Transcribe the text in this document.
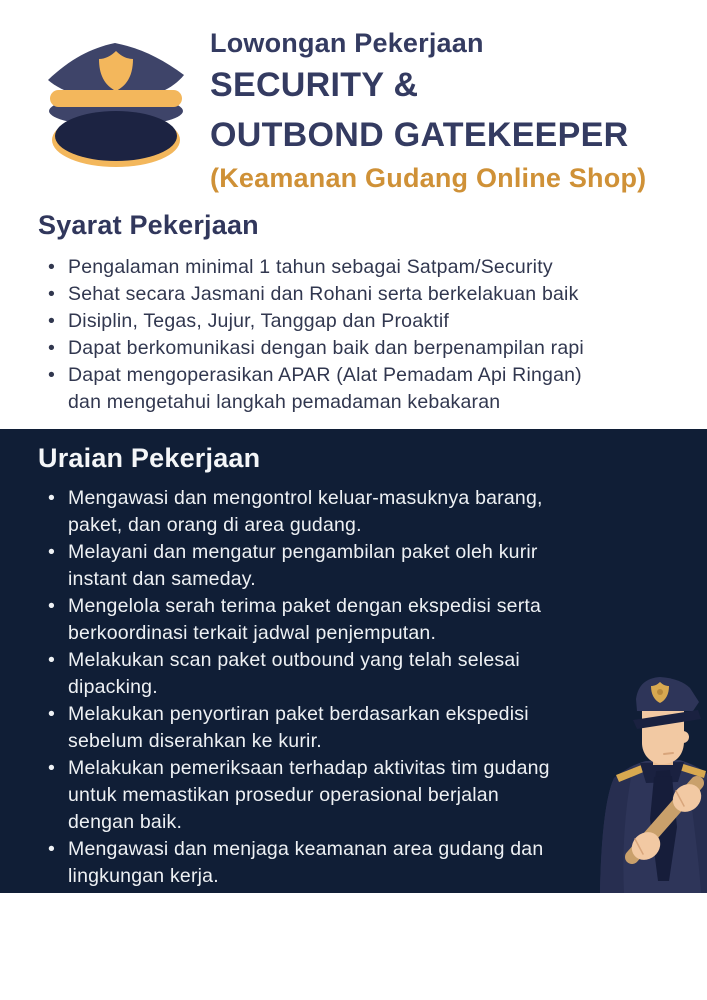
Lowongan Pekerjaan
SECURITY &
OUTBOND GATEKEEPER
(Keamanan Gudang Online Shop)
Syarat Pekerjaan
• Pengalaman minimal 1 tahun sebagai Satpam/Security
• Sehat secara Jasmani dan Rohani serta berkelakuan baik
• Disiplin, Tegas, Jujur, Tanggap dan Proaktif
• Dapat berkomunikasi dengan baik dan berpenampilan rapi
• Dapat mengoperasikan APAR (Alat Pemadam Api Ringan) dan mengetahui langkah pemadaman kebakaran
Uraian Pekerjaan
• Mengawasi dan mengontrol keluar-masuknya barang, paket, dan orang di area gudang.
• Melayani dan mengatur pengambilan paket oleh kurir instant dan sameday.
• Mengelola serah terima paket dengan ekspedisi serta berkoordinasi terkait jadwal penjemputan.
• Melakukan scan paket outbound yang telah selesai dipacking.
• Melakukan penyortiran paket berdasarkan ekspedisi sebelum diserahkan ke kurir.
• Melakukan pemeriksaan terhadap aktivitas tim gudang untuk memastikan prosedur operasional berjalan dengan baik.
• Mengawasi dan menjaga keamanan area gudang dan lingkungan kerja.
